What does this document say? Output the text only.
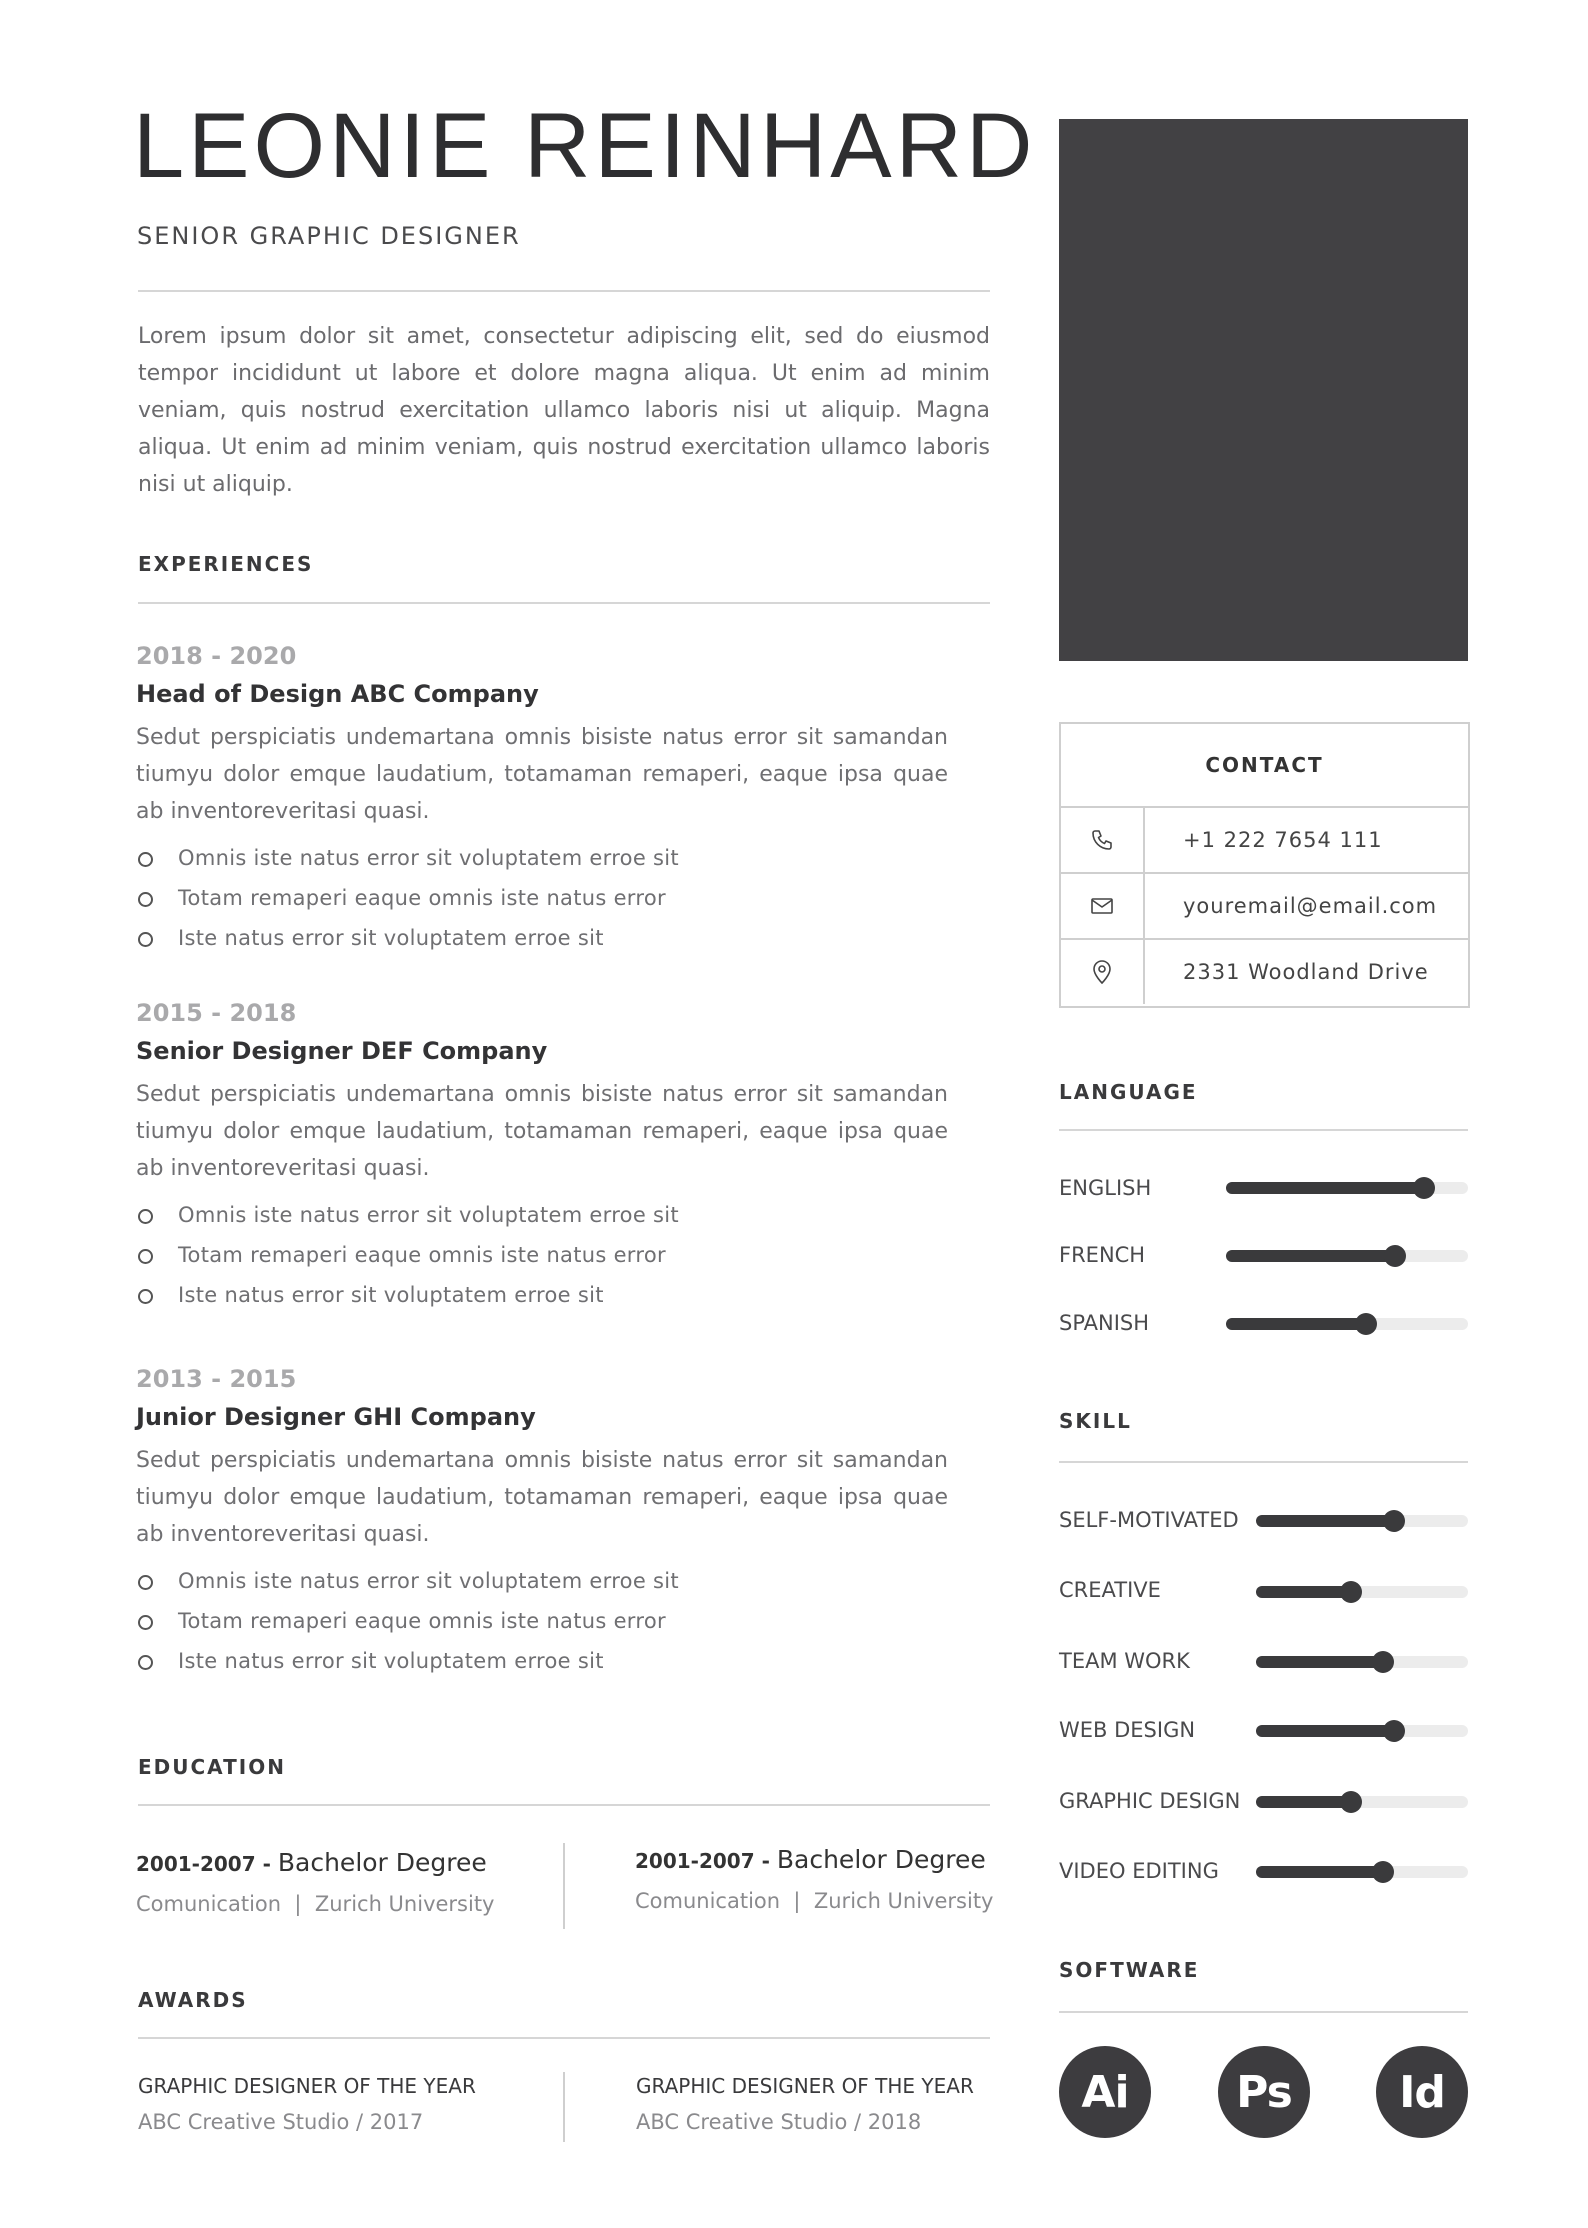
LEONIE REINHARD
SENIOR GRAPHIC DESIGNER
Lorem ipsum dolor sit amet, consectetur adipiscing elit, sed do eiusmod tempor incididunt ut labore et dolore magna aliqua. Ut enim ad minim veniam, quis nostrud exercitation ullamco laboris nisi ut aliquip. Magna aliqua. Ut enim ad minim veniam, quis nostrud exercitation ullamco laboris nisi ut aliquip.
EXPERIENCES
2018 - 2020
Head of Design ABC Company
Sedut perspiciatis undemartana omnis bisiste natus error sit samandan tiumyu dolor emque laudatium, totamaman remaperi, eaque ipsa quae ab inventoreveritasi quasi.
Omnis iste natus error sit voluptatem erroe sit
Totam remaperi eaque omnis iste natus error
Iste natus error sit voluptatem erroe sit
2015 - 2018
Senior Designer DEF Company
Sedut perspiciatis undemartana omnis bisiste natus error sit samandan tiumyu dolor emque laudatium, totamaman remaperi, eaque ipsa quae ab inventoreveritasi quasi.
Omnis iste natus error sit voluptatem erroe sit
Totam remaperi eaque omnis iste natus error
Iste natus error sit voluptatem erroe sit
2013 - 2015
Junior Designer GHI Company
Sedut perspiciatis undemartana omnis bisiste natus error sit samandan tiumyu dolor emque laudatium, totamaman remaperi, eaque ipsa quae ab inventoreveritasi quasi.
Omnis iste natus error sit voluptatem erroe sit
Totam remaperi eaque omnis iste natus error
Iste natus error sit voluptatem erroe sit
EDUCATION
2001-2007 - Bachelor Degree
Comunication | Zurich University
2001-2007 - Bachelor Degree
Comunication | Zurich University
AWARDS
GRAPHIC DESIGNER OF THE YEAR
ABC Creative Studio / 2017
GRAPHIC DESIGNER OF THE YEAR
ABC Creative Studio / 2018
CONTACT
+1 222 7654 111
youremail@email.com
2331 Woodland Drive
LANGUAGE
ENGLISH
FRENCH
SPANISH
SKILL
SELF-MOTIVATED
CREATIVE
TEAM WORK
WEB DESIGN
GRAPHIC DESIGN
VIDEO EDITING
SOFTWARE
Ai	Ps	Id
